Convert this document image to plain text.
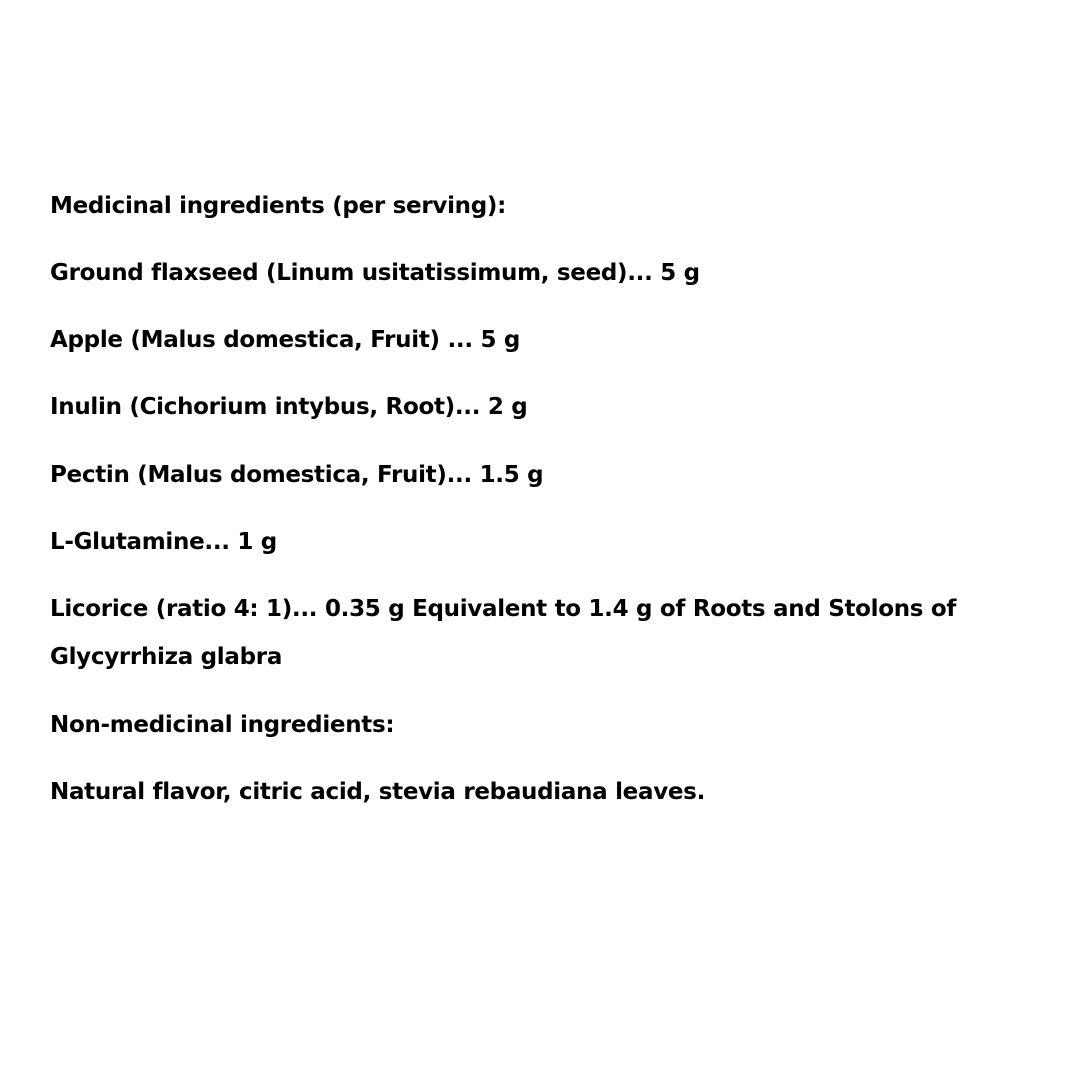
Medicinal ingredients (per serving):

Ground flaxseed (Linum usitatissimum, seed)... 5 g

Apple (Malus domestica, Fruit) ... 5 g

Inulin (Cichorium intybus, Root)... 2 g

Pectin (Malus domestica, Fruit)... 1.5 g

L-Glutamine... 1 g

Licorice (ratio 4: 1)... 0.35 g Equivalent to 1.4 g of Roots and Stolons of Glycyrrhiza glabra

Non-medicinal ingredients:

Natural flavor, citric acid, stevia rebaudiana leaves.
